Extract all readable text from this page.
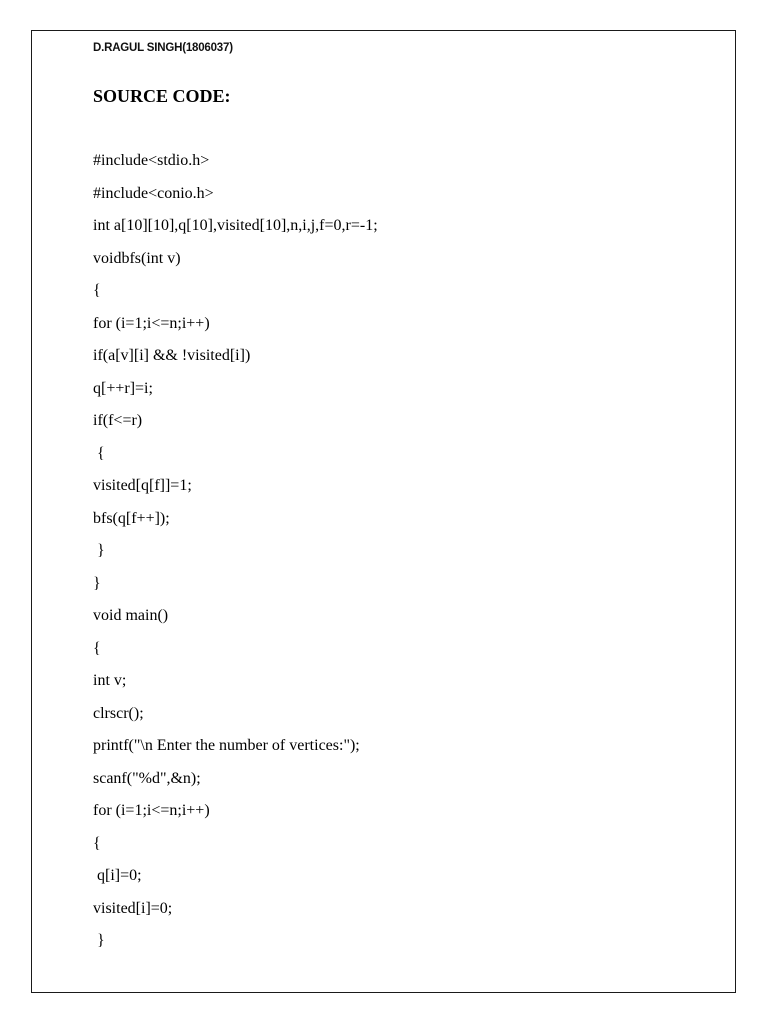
D.RAGUL SINGH(1806037)
SOURCE CODE:
#include<stdio.h>
#include<conio.h>
int a[10][10],q[10],visited[10],n,i,j,f=0,r=-1;
voidbfs(int v)
{
for (i=1;i<=n;i++)
if(a[v][i] && !visited[i])
q[++r]=i;
if(f<=r)
{
visited[q[f]]=1;
bfs(q[f++]);
}
}
void main()
{
int v;
clrscr();
printf("\n Enter the number of vertices:");
scanf("%d",&n);
for (i=1;i<=n;i++)
{
q[i]=0;
visited[i]=0;
}
